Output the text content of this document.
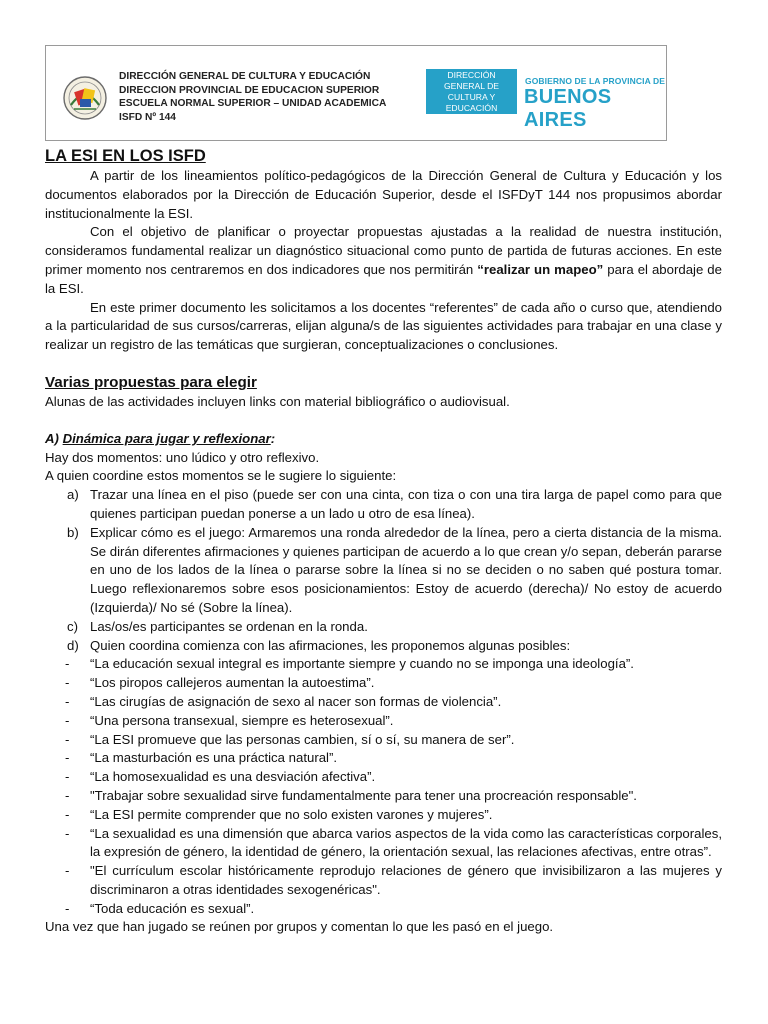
DIRECCIÓN GENERAL DE CULTURA Y EDUCACIÓN
DIRECCION PROVINCIAL DE EDUCACION SUPERIOR
ESCUELA NORMAL SUPERIOR – UNIDAD ACADEMICA
ISFD Nº 144
DIRECCIÓN GENERAL DE
CULTURA Y EDUCACIÓN
GOBIERNO DE LA PROVINCIA DE
BUENOS AIRES

LA ESI EN LOS ISFD

A partir de los lineamientos político-pedagógicos de la Dirección General de Cultura y Educación y los documentos elaborados por la Dirección de Educación Superior, desde el ISFDyT 144 nos propusimos abordar institucionalmente la ESI.

Con el objetivo de planificar o proyectar propuestas ajustadas a la realidad de nuestra institución, consideramos fundamental realizar un diagnóstico situacional como punto de partida de futuras acciones. En este primer momento nos centraremos en dos indicadores que nos permitirán “realizar un mapeo” para el abordaje de la ESI.

En este primer documento les solicitamos a los docentes “referentes” de cada año o curso que, atendiendo a la particularidad de sus cursos/carreras, elijan alguna/s de las siguientes actividades para trabajar en una clase y realizar un registro de las temáticas que surgieran, conceptualizaciones o conclusiones.

Varias propuestas para elegir

Alunas de las actividades incluyen links con material bibliográfico o audiovisual.

A) Dinámica para jugar y reflexionar:

Hay dos momentos: uno lúdico y otro reflexivo.

A quien coordine estos momentos se le sugiere lo siguiente:

a) Trazar una línea en el piso (puede ser con una cinta, con tiza o con una tira larga de papel como para que quienes participan puedan ponerse a un lado u otro de esa línea).
b) Explicar cómo es el juego: Armaremos una ronda alrededor de la línea, pero a cierta distancia de la misma. Se dirán diferentes afirmaciones y quienes participan de acuerdo a lo que crean y/o sepan, deberán pararse en uno de los lados de la línea o pararse sobre la línea si no se deciden o no saben qué postura tomar. Luego reflexionaremos sobre esos posicionamientos: Estoy de acuerdo (derecha)/ No estoy de acuerdo (Izquierda)/ No sé (Sobre la línea).
c) Las/os/es participantes se ordenan en la ronda.
d) Quien coordina comienza con las afirmaciones, les proponemos algunas posibles:
-	“La educación sexual integral es importante siempre y cuando no se imponga una ideología”.
-	“Los piropos callejeros aumentan la autoestima”.
-	“Las cirugías de asignación de sexo al nacer son formas de violencia”.
-	“Una persona transexual, siempre es heterosexual”.
-	“La ESI promueve que las personas cambien, sí o sí, su manera de ser”.
-	“La masturbación es una práctica natural”.
-	“La homosexualidad es una desviación afectiva”.
-	"Trabajar sobre sexualidad sirve fundamentalmente para tener una procreación responsable".
-	“La ESI permite comprender que no solo existen varones y mujeres”.
-	“La sexualidad es una dimensión que abarca varios aspectos de la vida como las características corporales, la expresión de género, la identidad de género, la orientación sexual, las relaciones afectivas, entre otras”.
-	"El currículum escolar históricamente reprodujo relaciones de género que invisibilizaron a las mujeres y discriminaron a otras identidades sexogenéricas".
-	“Toda educación es sexual”.

Una vez que han jugado se reúnen por grupos y comentan lo que les pasó en el juego.
